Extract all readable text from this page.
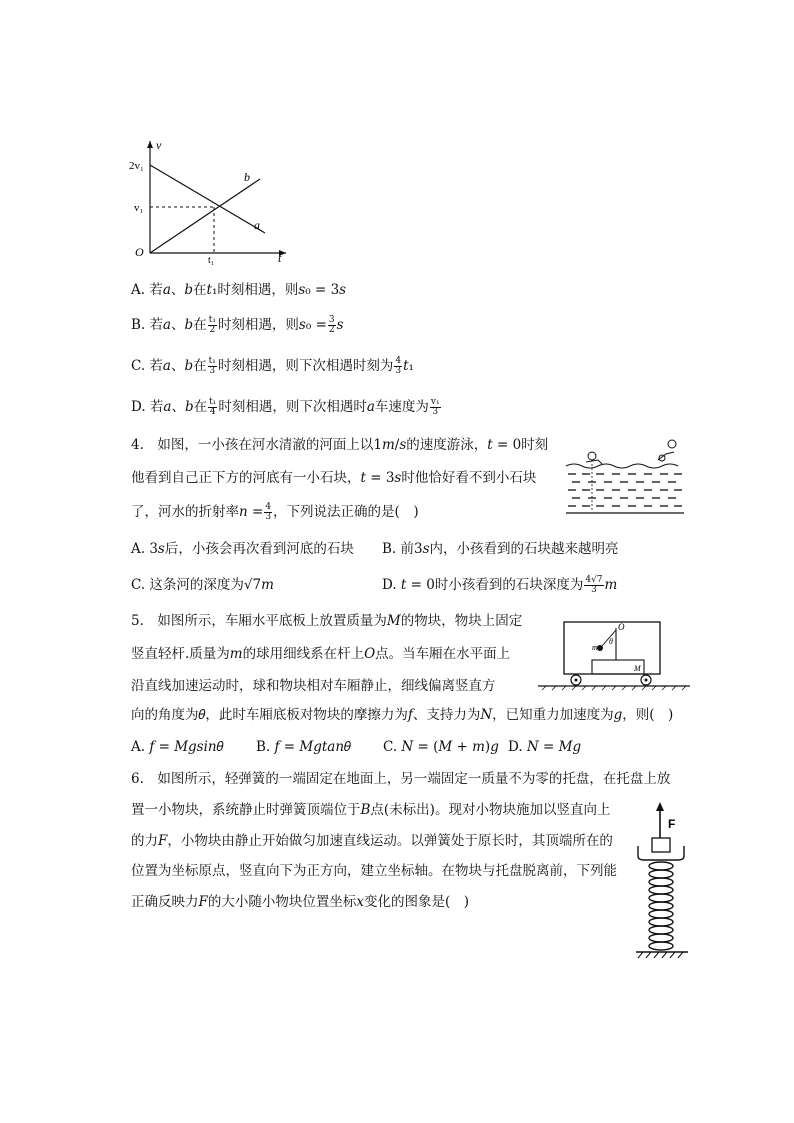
v
t
O
2v₁
v₁
t₁
b
a
A. 若𝑎、𝑏在𝑡₁时刻相遇，则𝑠₀ = 3𝑠
B. 若𝑎、𝑏在 $\frac{\text{t₁}}{2}$ 时刻相遇，则𝑠₀ = $\frac{3}{2}$ 𝑠
C. 若𝑎、𝑏在 $\frac{\text{t₁}}{3}$ 时刻相遇，则下次相遇时刻为 $\frac{4}{3}$ 𝑡₁
D. 若𝑎、𝑏在 $\frac{\text{t₁}}{4}$ 时刻相遇，则下次相遇时𝑎车速度为 $\frac{\text{v₁}}{3}$
4.　如图，一小孩在河水清澈的河面上以1𝑚/𝑠的速度游泳，𝑡 = 0时刻
他看到自己正下方的河底有一小石块，𝑡 = 3𝑠时他恰好看不到小石块
了，河水的折射率𝑛 = $\frac{4}{3}$ ，下列说法正确的是(　)
A. 3𝑠后，小孩会再次看到河底的石块 B. 前3𝑠内，小孩看到的石块越来越明亮
C. 这条河的深度为√7𝑚	D. 𝑡 = 0时小孩看到的石块深度为 $\frac{4√7}{3}$ 𝑚
5.　如图所示，车厢水平底板上放置质量为𝑀的物块，物块上固定
竖直轻杆.质量为𝑚的球用细线系在杆上𝑂点。当车厢在水平面上
沿直线加速运动时，球和物块相对车厢静止，细线偏离竖直方
向的角度为𝜃，此时车厢底板对物块的摩擦力为𝑓、支持力为𝑁，已知重力加速度为𝑔，则(　)
O
θ
m
M
A. 𝑓 = 𝑀𝑔𝑠𝑖𝑛𝜃 B. 𝑓 = 𝑀𝑔𝑡𝑎𝑛𝜃 C. 𝑁 = (𝑀 + 𝑚)𝑔 D. 𝑁 = 𝑀𝑔
6.　如图所示，轻弹簧的一端固定在地面上，另一端固定一质量不为零的托盘，在托盘上放
置一小物块，系统静止时弹簧顶端位于𝐵点(未标出)。现对小物块施加以竖直向上
的力𝐹，小物块由静止开始做匀加速直线运动。以弹簧处于原长时，其顶端所在的
位置为坐标原点，竖直向下为正方向，建立坐标轴。在物块与托盘脱离前，下列能
正确反映力𝐹的大小随小物块位置坐标𝑥变化的图象是(　)
F
